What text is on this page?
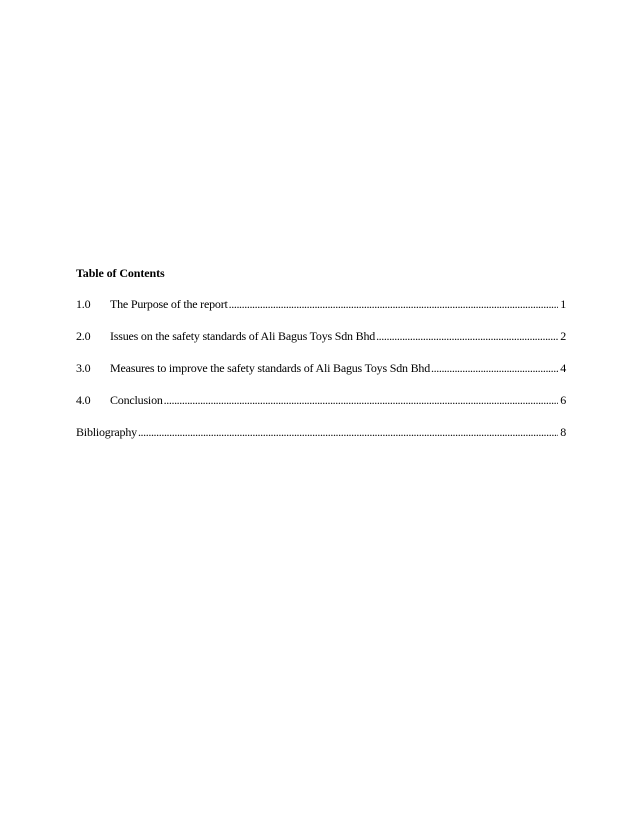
Table of Contents

1.0	The Purpose of the report .....	1
2.0	Issues on the safety standards of Ali Bagus Toys Sdn Bhd .....	2
3.0	Measures to improve the safety standards of Ali Bagus Toys Sdn Bhd .....	4
4.0	Conclusion .....	6
Bibliography .....	8
